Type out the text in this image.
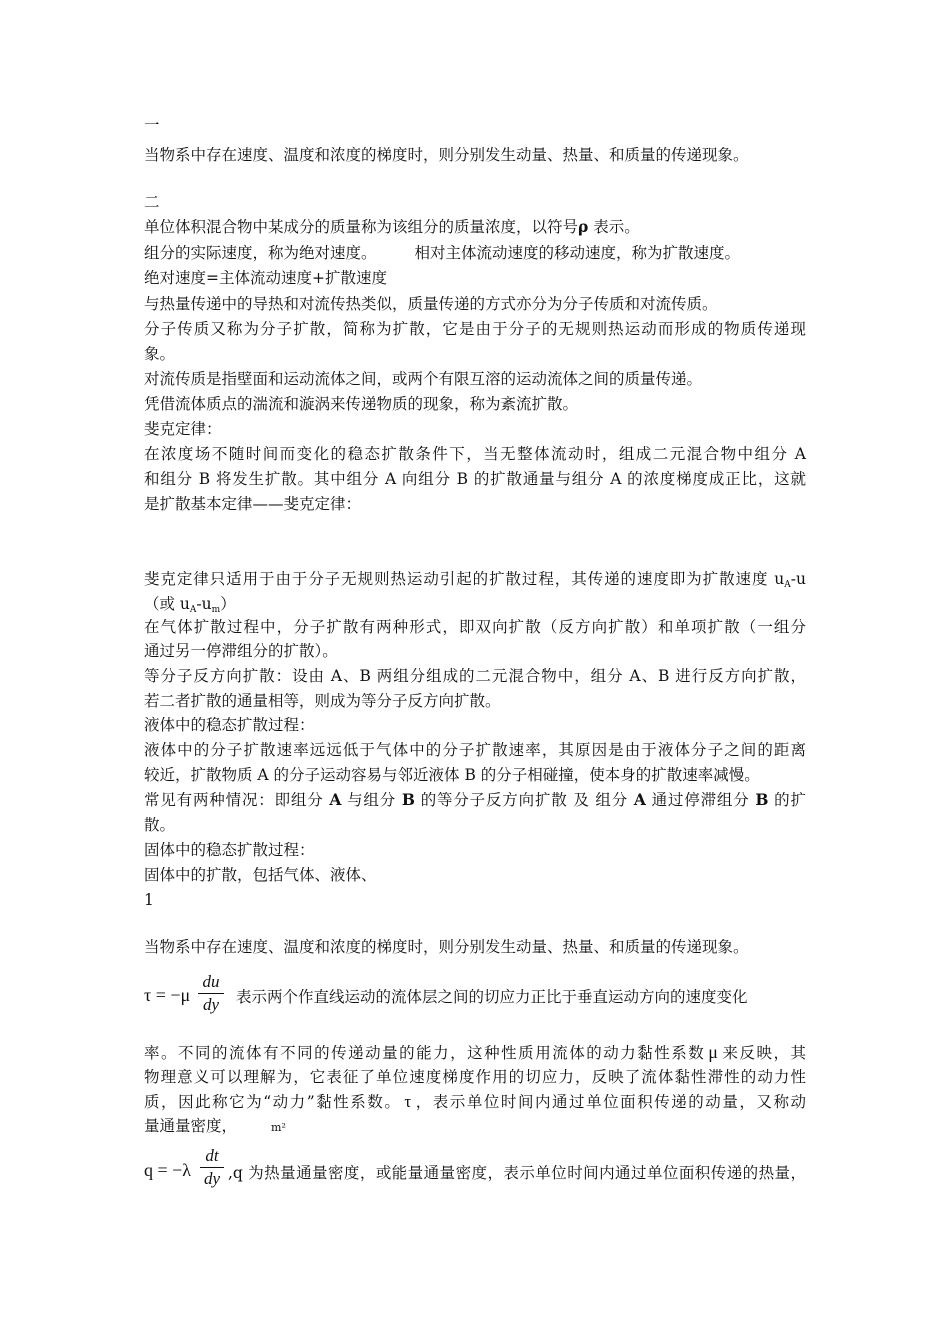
一
当物系中存在速度、温度和浓度的梯度时，则分别发生动量、热量、和质量的传递现象。
二
单位体积混合物中某成分的质量称为该组分的质量浓度，以符号ρ 表示。
组分的实际速度，称为绝对速度。 相对主体流动速度的移动速度，称为扩散速度。
绝对速度=主体流动速度+扩散速度
与热量传递中的导热和对流传热类似，质量传递的方式亦分为分子传质和对流传质。
分子传质又称为分子扩散，简称为扩散，它是由于分子的无规则热运动而形成的物质传递现
象。
对流传质是指壁面和运动流体之间，或两个有限互溶的运动流体之间的质量传递。
凭借流体质点的湍流和漩涡来传递物质的现象，称为紊流扩散。
斐克定律：
在浓度场不随时间而变化的稳态扩散条件下，当无整体流动时，组成二元混合物中组分 A
和组分 B 将发生扩散。其中组分 A 向组分 B 的扩散通量与组分 A 的浓度梯度成正比，这就
是扩散基本定律——斐克定律：
斐克定律只适用于由于分子无规则热运动引起的扩散过程，其传递的速度即为扩散速度 $u_A-u$
（或 $u_A-u_m$）
在气体扩散过程中，分子扩散有两种形式，即双向扩散（反方向扩散）和单项扩散（一组分
通过另一停滞组分的扩散）。
等分子反方向扩散：设由 A、B 两组分组成的二元混合物中，组分 A、B 进行反方向扩散，
若二者扩散的通量相等，则成为等分子反方向扩散。
液体中的稳态扩散过程：
液体中的分子扩散速率远远低于气体中的分子扩散速率，其原因是由于液体分子之间的距离
较近，扩散物质 A 的分子运动容易与邻近液体 B 的分子相碰撞，使本身的扩散速率减慢。
常见有两种情况：即组分 A 与组分 B 的等分子反方向扩散 及 组分 A 通过停滞组分 B 的扩
散。
固体中的稳态扩散过程：
固体中的扩散，包括气体、液体、
1
当物系中存在速度、温度和浓度的梯度时，则分别发生动量、热量、和质量的传递现象。
τ = −μ
du
dy	表示两个作直线运动的流体层之间的切应力正比于垂直运动方向的速度变化
率。不同的流体有不同的传递动量的能力，这种性质用流体的动力黏性系数 μ 来反映，其
物理意义可以理解为，它表征了单位速度梯度作用的切应力，反映了流体黏性滞性的动力性
质，因此称它为“动力”黏性系数。 τ ，表示单位时间内通过单位面积传递的动量，又称动
量通量密度，	m²
q = −λ
dt
dy ,q 为热量通量密度，或能量通量密度，表示单位时间内通过单位面积传递的热量，
